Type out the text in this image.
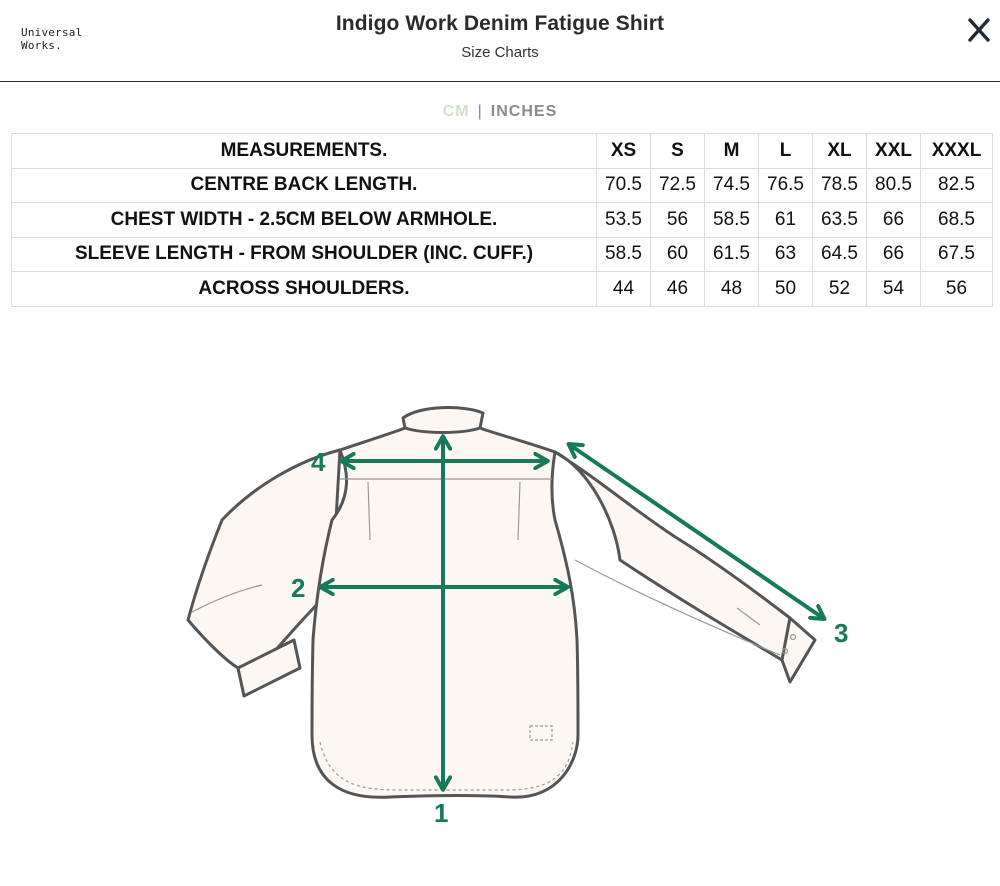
Universal
Works.
Indigo Work Denim Fatigue Shirt
Size Charts
CM | INCHES
MEASUREMENTS.	XS	S	M	L	XL	XXL	XXXL
CENTRE BACK LENGTH.	70.5	72.5	74.5	76.5	78.5	80.5	82.5
CHEST WIDTH - 2.5CM BELOW ARMHOLE.	53.5	56	58.5	61	63.5	66	68.5
SLEEVE LENGTH - FROM SHOULDER (INC. CUFF.)	58.5	60	61.5	63	64.5	66	67.5
ACROSS SHOULDERS.	44	46	48	50	52	54	56
1
2
3
4
